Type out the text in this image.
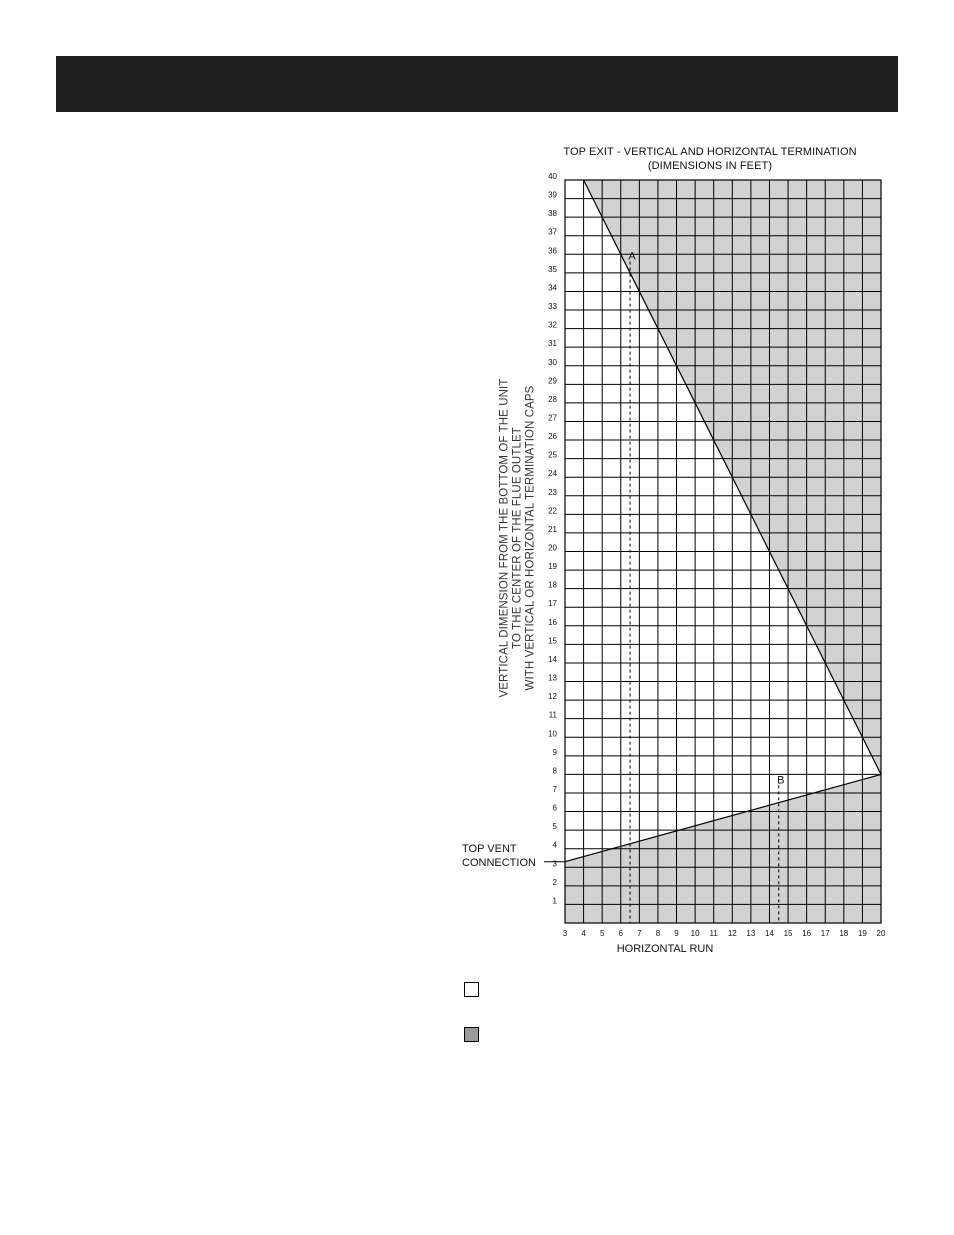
TOP EXIT - VERTICAL AND HORIZONTAL TERMINATION
(DIMENSIONS IN FEET)
VERTICAL DIMENSION FROM THE BOTTOM OF THE UNIT TO THE CENTER OF THE FLUE OUTLET WITH VERTICAL OR HORIZONTAL TERMINATION CAPS
A
B
3 4 5 6 7 8 9 10 11 12 13 14 15 16 17 18 19 20
1
2
3
4
5
6
7
8
9
10
11
12
13
14
15
16
17
18
19
20
21
22
23
24
25
26
27
28
29
30
31
32
33
34
35
36
37
38
39
40
HORIZONTAL RUN
TOP VENT
CONNECTION
